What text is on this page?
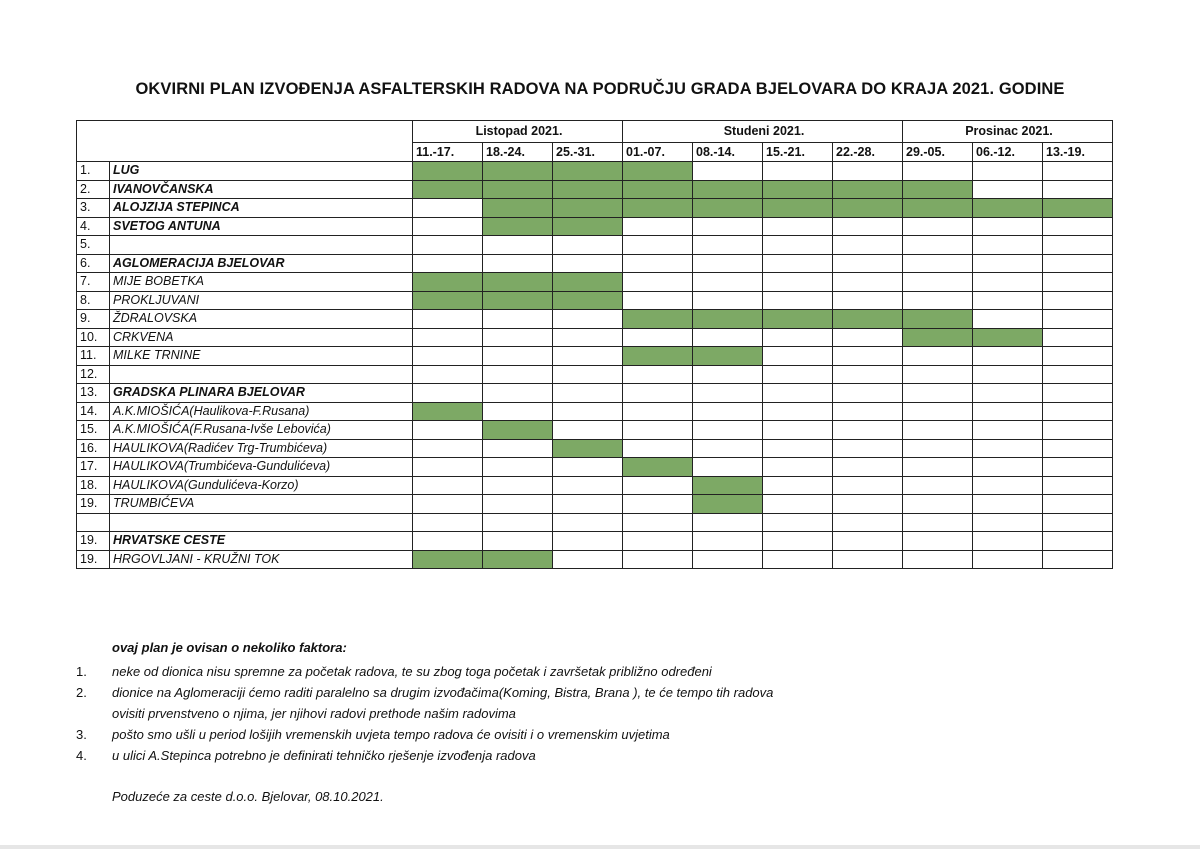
OKVIRNI PLAN IZVOĐENJA ASFALTERSKIH RADOVA NA PODRUČJU GRADA BJELOVARA DO KRAJA 2021. GODINE
		Listopad 2021.			Studeni 2021.				Prosinac 2021.		
		11.-17.	18.-24.	25.-31.	01.-07.	08.-14.	15.-21.	22.-28.	29.-05.	06.-12.	13.-19.
1.	LUG										
2.	IVANOVČANSKA										
3.	ALOJZIJA STEPINCA										
4.	SVETOG ANTUNA										
5.											
6.	AGLOMERACIJA BJELOVAR										
7.	MIJE BOBETKA										
8.	PROKLJUVANI										
9.	ŽDRALOVSKA										
10.	CRKVENA										
11.	MILKE TRNINE										
12.											
13.	GRADSKA PLINARA BJELOVAR										
14.	A.K.MIOŠIĆA(Haulikova-F.Rusana)										
15.	A.K.MIOŠIĆA(F.Rusana-Ivše Lebovića)										
16.	HAULIKOVA(Radićev Trg-Trumbićeva)										
17.	HAULIKOVA(Trumbićeva-Gundulićeva)										
18.	HAULIKOVA(Gundulićeva-Korzo)										
19.	TRUMBIĆEVA										

19.	HRVATSKE CESTE										
19.	HRGOVLJANI - KRUŽNI TOK										
ovaj plan je ovisan o nekoliko faktora:
1. neke od dionica nisu spremne za početak radova, te su zbog toga početak i završetak približno određeni
2. dionice na Aglomeraciji ćemo raditi paralelno sa drugim izvođačima(Koming, Bistra, Brana ), te će tempo tih radova
ovisiti prvenstveno o njima, jer njihovi radovi prethode našim radovima
3. pošto smo ušli u period lošijih vremenskih uvjeta tempo radova će ovisiti i o vremenskim uvjetima
4. u ulici A.Stepinca potrebno je definirati tehničko rješenje izvođenja radova
Poduzeće za ceste d.o.o. Bjelovar, 08.10.2021.
